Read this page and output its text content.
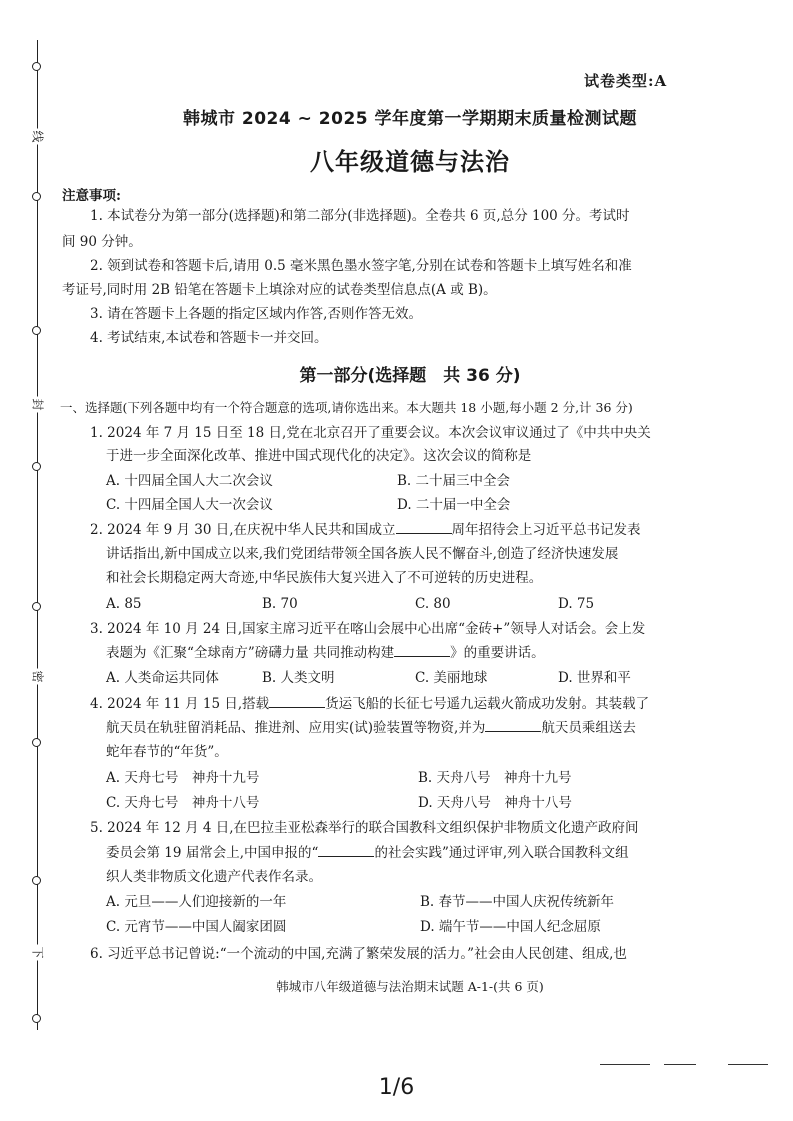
线
封
密
下
试卷类型:A
韩城市 2024 ~ 2025 学年度第一学期期末质量检测试题
八年级道德与法治
注意事项:
1. 本试卷分为第一部分(选择题)和第二部分(非选择题)。全卷共 6 页,总分 100 分。考试时
间 90 分钟。
2. 领到试卷和答题卡后,请用 0.5 毫米黑色墨水签字笔,分别在试卷和答题卡上填写姓名和准
考证号,同时用 2B 铅笔在答题卡上填涂对应的试卷类型信息点(A 或 B)。
3. 请在答题卡上各题的指定区域内作答,否则作答无效。
4. 考试结束,本试卷和答题卡一并交回。
第一部分(选择题　共 36 分)
一、选择题(下列各题中均有一个符合题意的选项,请你选出来。本大题共 18 小题,每小题 2 分,计 36 分)
1. 2024 年 7 月 15 日至 18 日,党在北京召开了重要会议。本次会议审议通过了《中共中央关
于进一步全面深化改革、推进中国式现代化的决定》。这次会议的简称是
A. 十四届全国人大二次会议	B. 二十届三中全会
C. 十四届全国人大一次会议	D. 二十届一中全会
2. 2024 年 9 月 30 日,在庆祝中华人民共和国成立	周年招待会上习近平总书记发表
讲话指出,新中国成立以来,我们党团结带领全国各族人民不懈奋斗,创造了经济快速发展
和社会长期稳定两大奇迹,中华民族伟大复兴进入了不可逆转的历史进程。
A. 85	B. 70	C. 80	D. 75
3. 2024 年 10 月 24 日,国家主席习近平在喀山会展中心出席“金砖+”领导人对话会。会上发
表题为《汇聚“全球南方”磅礴力量 共同推动构建	》的重要讲话。
A. 人类命运共同体	B. 人类文明	C. 美丽地球	D. 世界和平
4. 2024 年 11 月 15 日,搭载	货运飞船的长征七号遥九运载火箭成功发射。其装载了
航天员在轨驻留消耗品、推进剂、应用实(试)验装置等物资,并为	航天员乘组送去
蛇年春节的“年货”。
A. 天舟七号　神舟十九号	B. 天舟八号　神舟十九号
C. 天舟七号　神舟十八号	D. 天舟八号　神舟十八号
5. 2024 年 12 月 4 日,在巴拉圭亚松森举行的联合国教科文组织保护非物质文化遗产政府间
委员会第 19 届常会上,中国申报的“	的社会实践”通过评审,列入联合国教科文组
织人类非物质文化遗产代表作名录。
A. 元旦——人们迎接新的一年	B. 春节——中国人庆祝传统新年
C. 元宵节——中国人阖家团圆	D. 端午节——中国人纪念屈原
6. 习近平总书记曾说:“一个流动的中国,充满了繁荣发展的活力。”社会由人民创建、组成,也
韩城市八年级道德与法治期末试题 A-1-(共 6 页)
1/6
